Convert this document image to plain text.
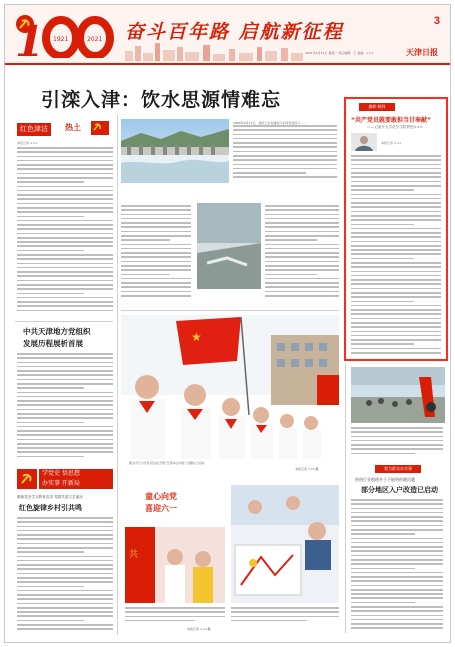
1 1921	2021 奋斗百年路 启航新征程	3
2021年5月31日 星期一 责任编辑：王 美编：×××	天津日报
引滦入津：饮水思源情难忘
红色津沽	热土
本报记者 ×××
1983年9月11日，滦河之水自潘家口水库奔流而下……
旗帜·榜样
“共产党员就要敢担当甘奉献”
——记南开大学化学学院教授×××
本报记者 ×××
我为群众办实事
供热行业梳理并于不能明供暖问题
部分地区入户改造已启动
中共天津地方党组织
发展历程展析首展
学党史 悟思想
办实事 开新局
做新党史学习教育宣讲 党群共建文艺盛况
红色旋律乡村引共鸣
★
图为今日少先队员们在开展“红领巾心向党”主题队日活动。
本报记者 ×××摄
童心向党
喜迎六一
共
本报记者 ×××摄
